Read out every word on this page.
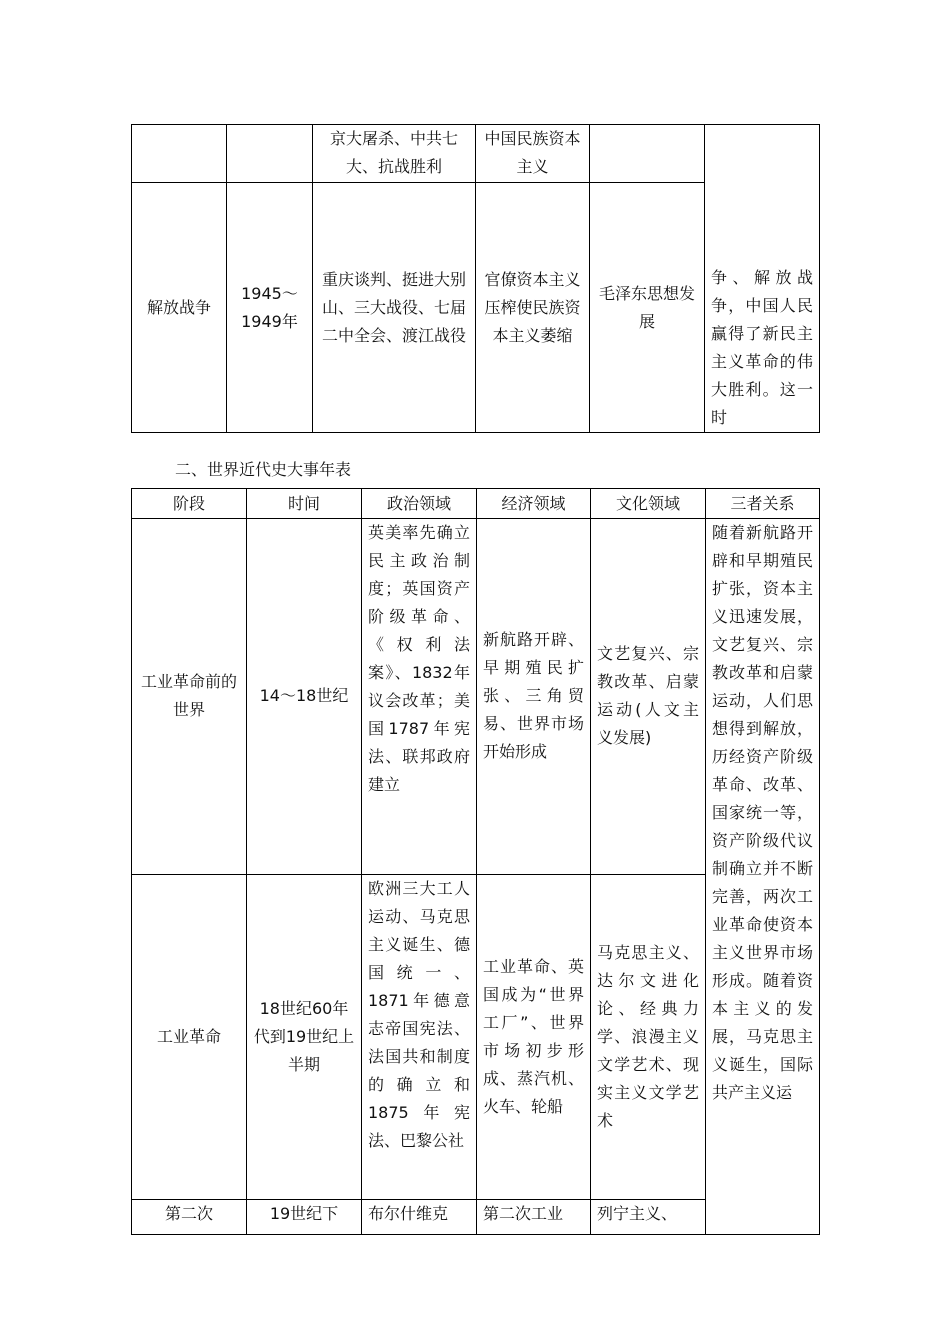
		京大屠杀、中共七大、抗战胜利	中国民族资本主义		争、解放战争，中国人民赢得了新民主主义革命的伟大胜利。这一时

解放战争	1945～1949年	重庆谈判、挺进大别山、三大战役、七届二中全会、渡江战役	官僚资本主义压榨使民族资本主义萎缩	毛泽东思想发展	
二、世界近代史大事年表
阶段	时间	政治领域	经济领域	文化领域	三者关系

工业革命前的世界	14～18世纪	英美率先确立民主政治制度；英国资产阶级革命、《权利法案》、1832年议会改革；美国1787年宪法、联邦政府建立	新航路开辟、早期殖民扩张、三角贸易、世界市场开始形成	文艺复兴、宗教改革、启蒙运动(人文主义发展)	随着新航路开辟和早期殖民扩张，资本主义迅速发展，文艺复兴、宗教改革和启蒙运动，人们思想得到解放，历经资产阶级革命、改革、国家统一等，资产阶级代议制确立并不断完善，两次工业革命使资本主义世界市场形成。随着资本主义的发展，马克思主义诞生，国际共产主义运

工业革命	18世纪60年代到19世纪上半期	欧洲三大工人运动、马克思主义诞生、德国统一、1871年德意志帝国宪法、法国共和制度的确立和1875年宪法、巴黎公社	工业革命、英国成为“世界工厂”、世界市场初步形成、蒸汽机、火车、轮船	马克思主义、达尔文进化论、经典力学、浪漫主义文学艺术、现实主义文学艺术	

第二次	19世纪下	布尔什维克	第二次工业	列宁主义、	
